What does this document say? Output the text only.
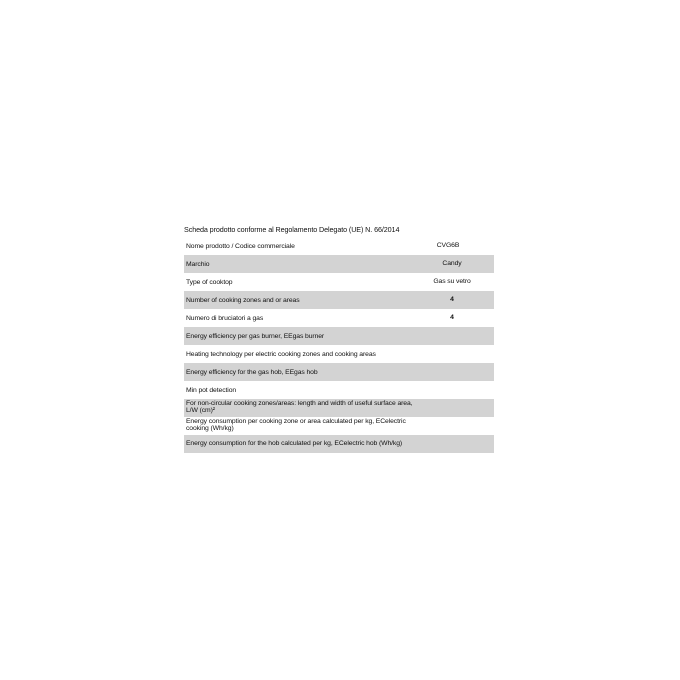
Scheda prodotto conforme al Regolamento Delegato (UE) N. 66/2014
Nome prodotto / Codice commerciale	CVG6B
Marchio	Candy
Type of cooktop	Gas su vetro
Number of cooking zones and or areas	4
Numero di bruciatori a gas	4
Energy efficiency per gas burner, EEgas burner
Heating technology per electric cooking zones and cooking areas
Energy efficiency for the gas hob, EEgas hob
Min pot detection
For non-circular cooking zones/areas: length and width of useful surface area, L/W (cm)²
Energy consumption per cooking zone or area calculated per kg, ECelectric cooking (Wh/kg)
Energy consumption for the hob calculated per kg, ECelectric hob (Wh/kg)
